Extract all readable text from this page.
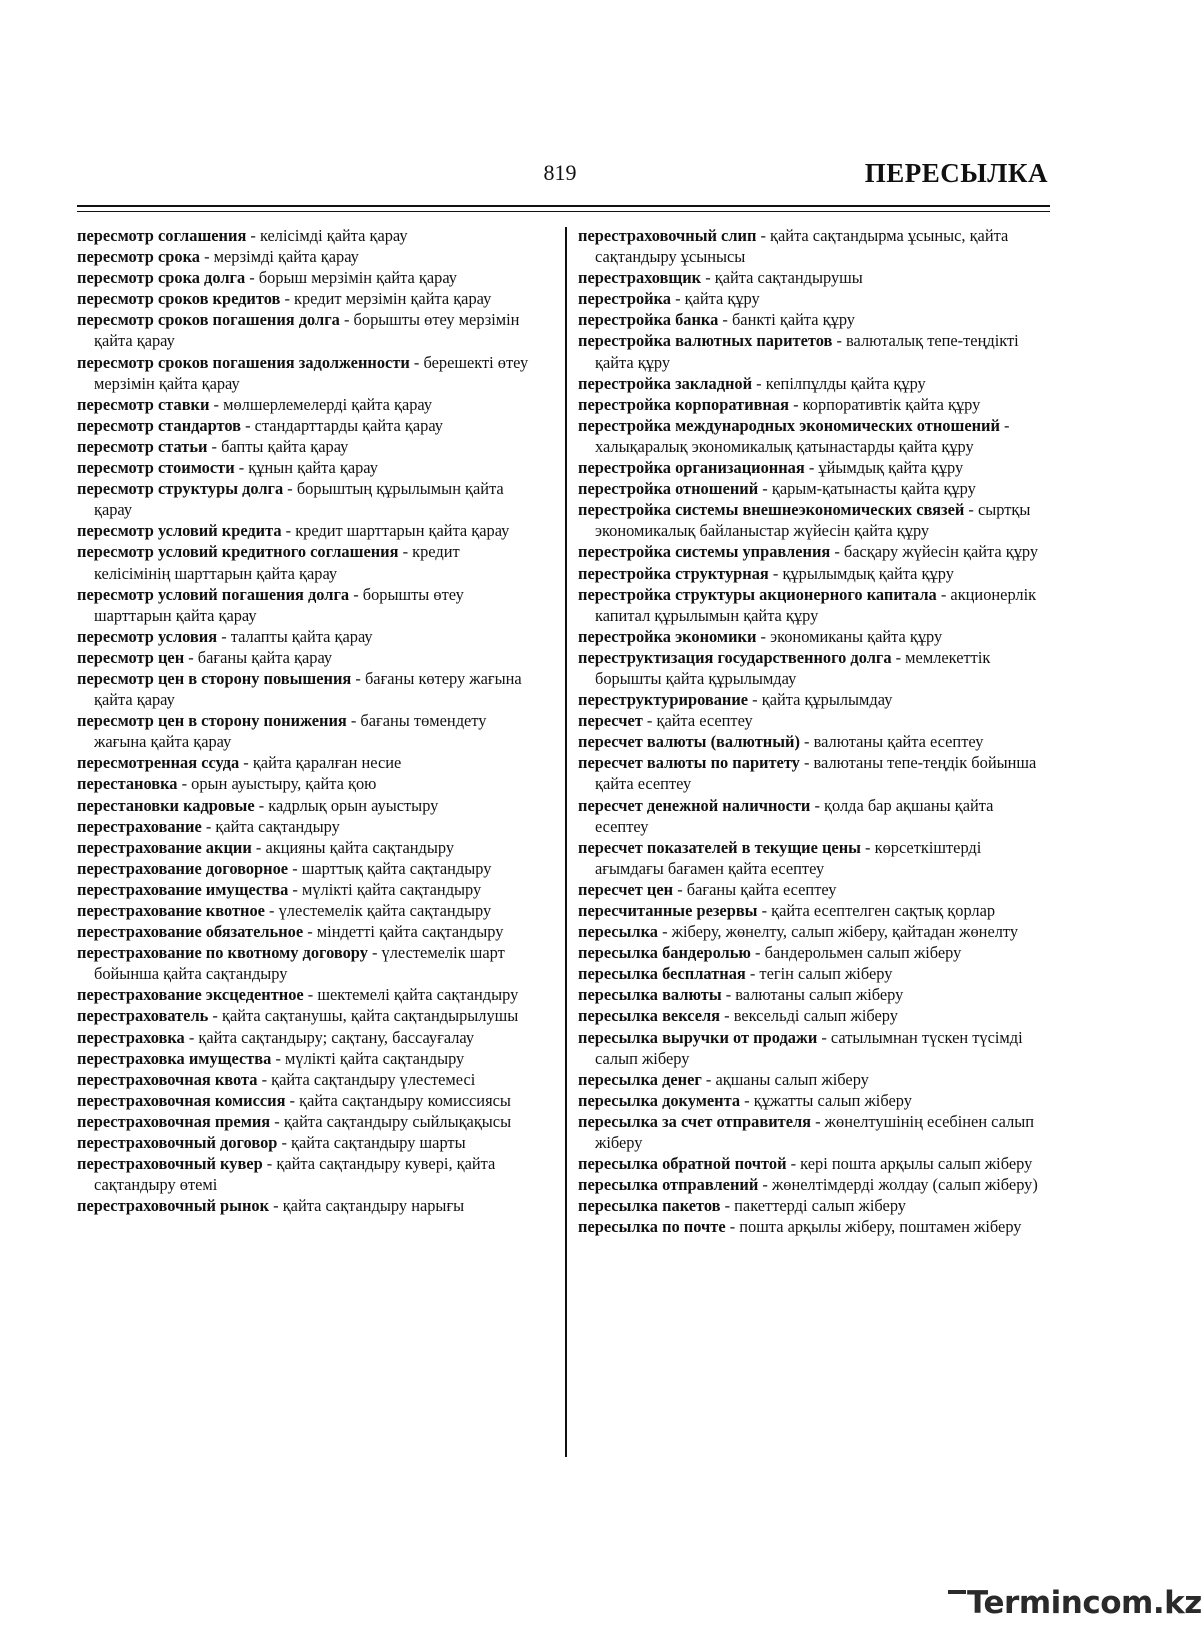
819	ПЕРЕСЫЛКА
пересмотр соглашения - келісімді қайта қарау
пересмотр срока - мерзімді қайта қарау
пересмотр срока долга - борыш мерзімін қайта қарау
пересмотр сроков кредитов - кредит мерзімін қайта қарау
пересмотр сроков погашения долга - борышты өтеу мерзімін қайта қарау
пересмотр сроков погашения задолженности - берешекті өтеу мерзімін қайта қарау
пересмотр ставки - мөлшерлемелерді қайта қарау
пересмотр стандартов - стандарттарды қайта қарау
пересмотр статьи - бапты қайта қарау
пересмотр стоимости - құнын қайта қарау
пересмотр структуры долга - борыштың құрылымын қайта қарау
пересмотр условий кредита - кредит шарттарын қайта қарау
пересмотр условий кредитного соглашения - кредит келісімінің шарттарын қайта қарау
пересмотр условий погашения долга - борышты өтеу шарттарын қайта қарау
пересмотр условия - талапты қайта қарау
пересмотр цен - бағаны қайта қарау
пересмотр цен в сторону повышения - бағаны көтеру жағына қайта қарау
пересмотр цен в сторону понижения - бағаны төмендету жағына қайта қарау
пересмотренная ссуда - қайта қаралған несие
перестановка - орын ауыстыру, қайта қою
перестановки кадровые - кадрлық орын ауыстыру
перестрахование - қайта сақтандыру
перестрахование акции - акцияны қайта сақтандыру
перестрахование договорное - шарттық қайта сақтандыру
перестрахование имущества - мүлікті қайта сақтандыру
перестрахование квотное - үлестемелік қайта сақтандыру
перестрахование обязательное - міндетті қайта сақтандыру
перестрахование по квотному договору - үлестемелік шарт бойынша қайта сақтандыру
перестрахование эксцедентное - шектемелі қайта сақтандыру
перестрахователь - қайта сақтанушы, қайта сақтандырылушы
перестраховка - қайта сақтандыру; сақтану, бассауғалау
перестраховка имущества - мүлікті қайта сақтандыру
перестраховочная квота - қайта сақтандыру үлестемесі
перестраховочная комиссия - қайта сақтандыру комиссиясы
перестраховочная премия - қайта сақтандыру сыйлықақысы
перестраховочный договор - қайта сақтандыру шарты
перестраховочный кувер - қайта сақтандыру кувері, қайта сақтандыру өтемі
перестраховочный рынок - қайта сақтандыру нарығы
перестраховочный слип - қайта сақтандырма ұсыныс, қайта сақтандыру ұсынысы
перестраховщик - қайта сақтандырушы
перестройка - қайта құру
перестройка банка - банкті қайта құру
перестройка валютных паритетов - валюталық тепе-теңдікті қайта құру
перестройка закладной - кепілпұлды қайта құру
перестройка корпоративная - корпоративтік қайта құру
перестройка международных экономических отношений - халықаралық экономикалық қатынастарды қайта құру
перестройка организационная - ұйымдық қайта құру
перестройка отношений - қарым-қатынасты қайта құру
перестройка системы внешнеэкономических связей - сыртқы экономикалық байланыстар жүйесін қайта құру
перестройка системы управления - басқару жүйесін қайта құру
перестройка структурная - құрылымдық қайта құру
перестройка структуры акционерного капитала - акционерлік капитал құрылымын қайта құру
перестройка экономики - экономиканы қайта құру
переструктизация государственного долга - мемлекеттік борышты қайта құрылымдау
переструктурирование - қайта құрылымдау
пересчет - қайта есептеу
пересчет валюты (валютный) - валютаны қайта есептеу
пересчет валюты по паритету - валютаны тепе-теңдік бойынша қайта есептеу
пересчет денежной наличности - қолда бар ақшаны қайта есептеу
пересчет показателей в текущие цены - көрсеткіштерді ағымдағы бағамен қайта есептеу
пересчет цен - бағаны қайта есептеу
пересчитанные резервы - қайта есептелген сақтық қорлар
пересылка - жіберу, жөнелту, салып жіберу, қайтадан жөнелту
пересылка бандеролью - бандерольмен салып жіберу
пересылка бесплатная - тегін салып жіберу
пересылка валюты - валютаны салып жіберу
пересылка векселя - вексельді салып жіберу
пересылка выручки от продажи - сатылымнан түскен түсімді салып жіберу
пересылка денег - ақшаны салып жіберу
пересылка документа - құжатты салып жіберу
пересылка за счет отправителя - жөнелтушінің есебінен салып жіберу
пересылка обратной почтой - кері пошта арқылы салып жіберу
пересылка отправлений - жөнелтімдерді жолдау (салып жіберу)
пересылка пакетов - пакеттерді салып жіберу
пересылка по почте - пошта арқылы жіберу, поштамен жіберу
Termincom.kz
